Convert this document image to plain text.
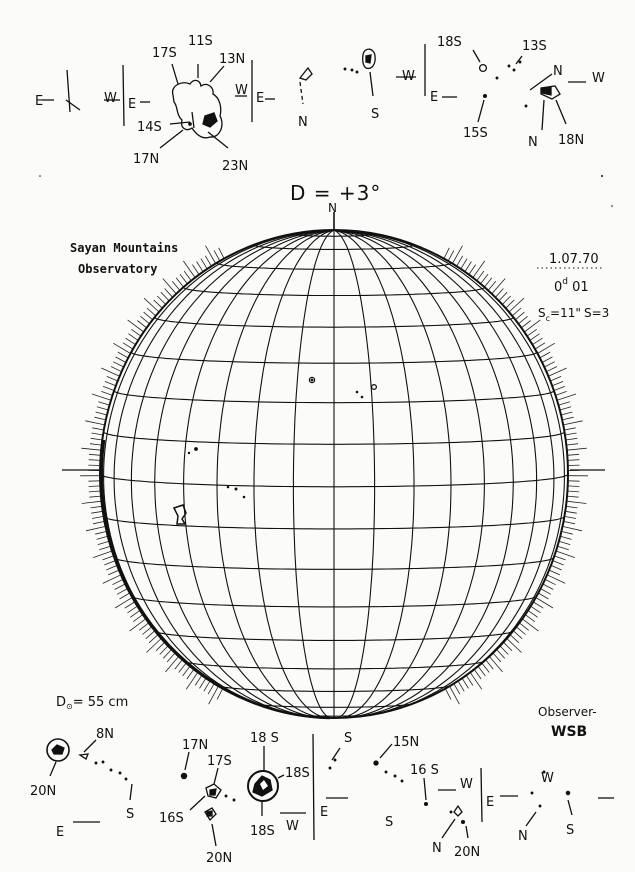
D = +3°
N
Sayan Mountains
Observatory
1.07.70
0$^d$ 01
$S_c=11$" S=3
$D_⊙= 55$ cm
Observer-
WSB
E	W E
17S
11S
13N
W
E
14S
17N	23N
N
S
W
E
18S	13S
N W
15S
N 18N
8N
20N
E
S
17N	18 S
17S
16S
18S
18S W
20N
E
S	15N
16 S
W
S
E
W
N 20N
N	S
